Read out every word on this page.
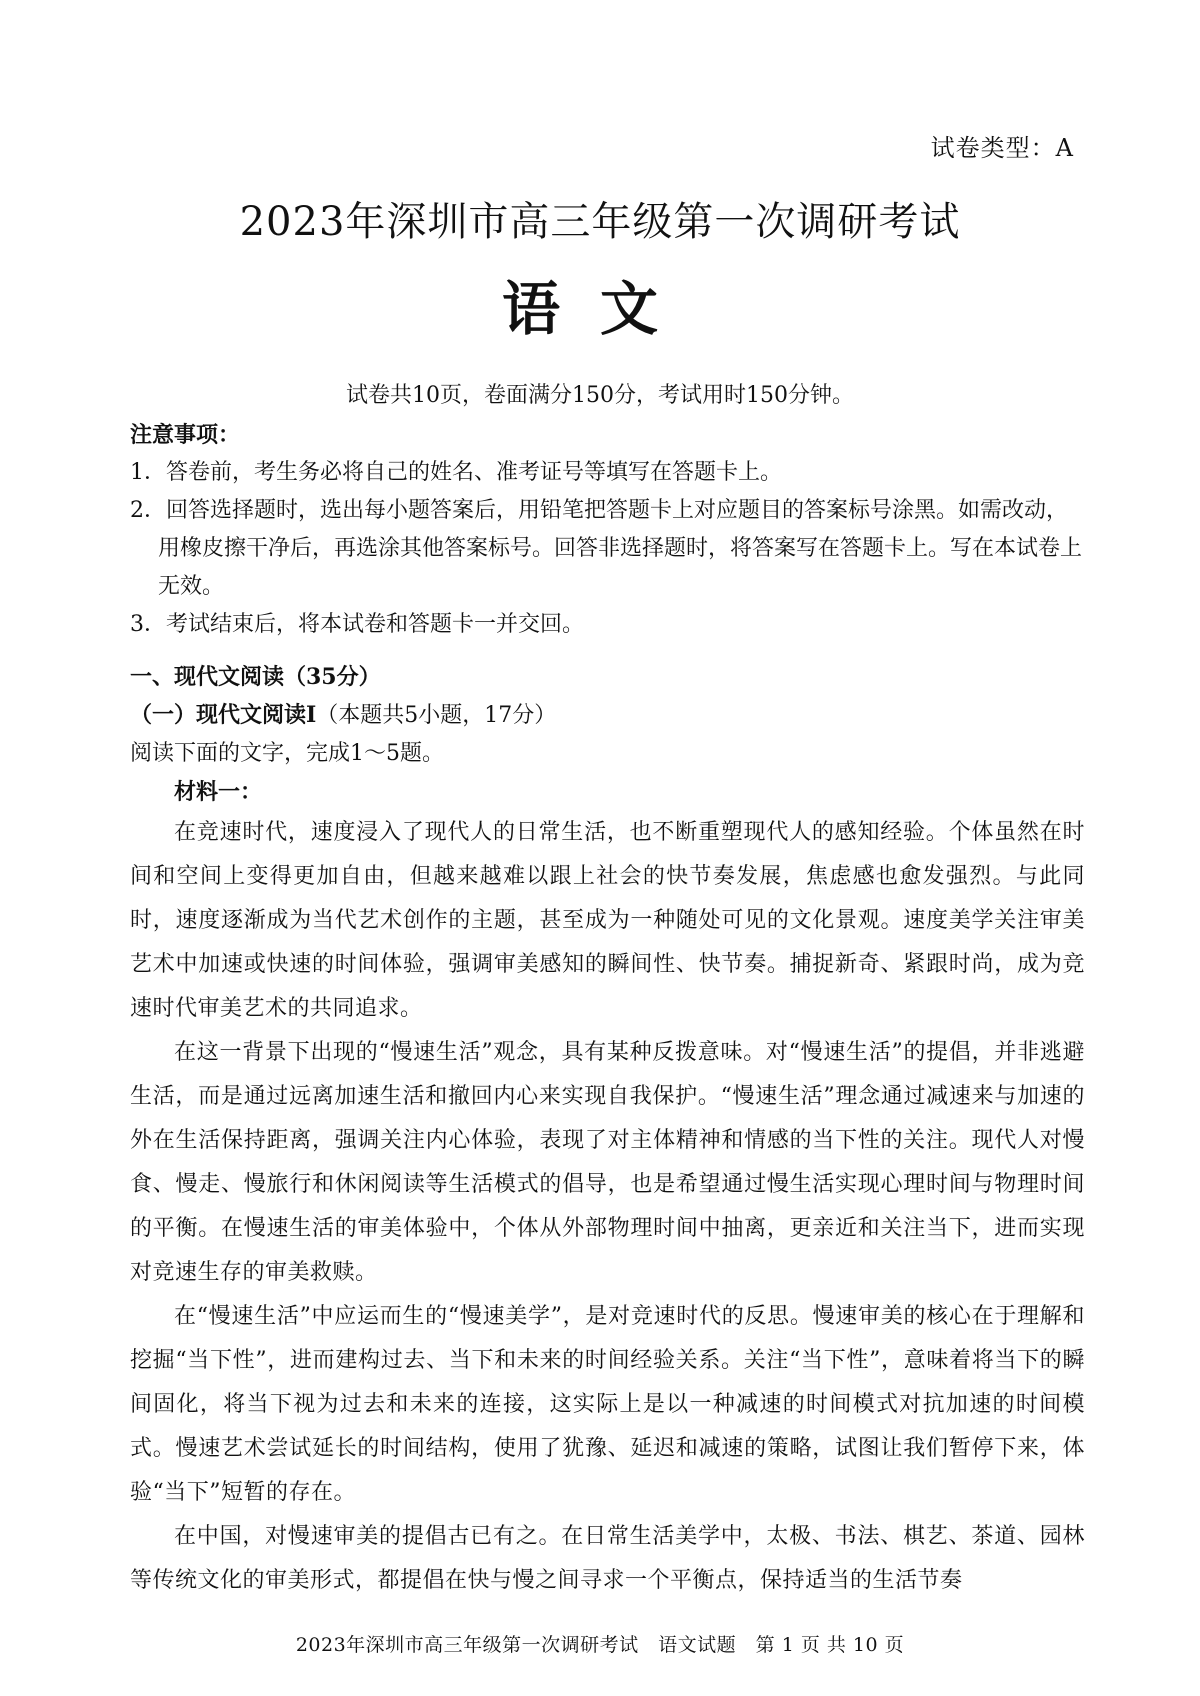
试卷类型：A
2023年深圳市高三年级第一次调研考试
语文
试卷共10页，卷面满分150分，考试用时150分钟。
注意事项：
1．答卷前，考生务必将自己的姓名、准考证号等填写在答题卡上。
2．回答选择题时，选出每小题答案后，用铅笔把答题卡上对应题目的答案标号涂黑。如需改动，用橡皮擦干净后，再选涂其他答案标号。回答非选择题时，将答案写在答题卡上。写在本试卷上无效。
3．考试结束后，将本试卷和答题卡一并交回。
一、现代文阅读（35分）
（一）现代文阅读I（本题共5小题，17分）
阅读下面的文字，完成1～5题。
材料一：

在竞速时代，速度浸入了现代人的日常生活，也不断重塑现代人的感知经验。个体虽然在时间和空间上变得更加自由，但越来越难以跟上社会的快节奏发展，焦虑感也愈发强烈。与此同时，速度逐渐成为当代艺术创作的主题，甚至成为一种随处可见的文化景观。速度美学关注审美艺术中加速或快速的时间体验，强调审美感知的瞬间性、快节奏。捕捉新奇、紧跟时尚，成为竞速时代审美艺术的共同追求。

在这一背景下出现的“慢速生活”观念，具有某种反拨意味。对“慢速生活”的提倡，并非逃避生活，而是通过远离加速生活和撤回内心来实现自我保护。“慢速生活”理念通过减速来与加速的外在生活保持距离，强调关注内心体验，表现了对主体精神和情感的当下性的关注。现代人对慢食、慢走、慢旅行和休闲阅读等生活模式的倡导，也是希望通过慢生活实现心理时间与物理时间的平衡。在慢速生活的审美体验中，个体从外部物理时间中抽离，更亲近和关注当下，进而实现对竞速生存的审美救赎。

在“慢速生活”中应运而生的“慢速美学”，是对竞速时代的反思。慢速审美的核心在于理解和挖掘“当下性”，进而建构过去、当下和未来的时间经验关系。关注“当下性”，意味着将当下的瞬间固化，将当下视为过去和未来的连接，这实际上是以一种减速的时间模式对抗加速的时间模式。慢速艺术尝试延长的时间结构，使用了犹豫、延迟和减速的策略，试图让我们暂停下来，体验“当下”短暂的存在。

在中国，对慢速审美的提倡古已有之。在日常生活美学中，太极、书法、棋艺、茶道、园林等传统文化的审美形式，都提倡在快与慢之间寻求一个平衡点，保持适当的生活节奏

2023年深圳市高三年级第一次调研考试　语文试题　第 1 页 共 10 页
